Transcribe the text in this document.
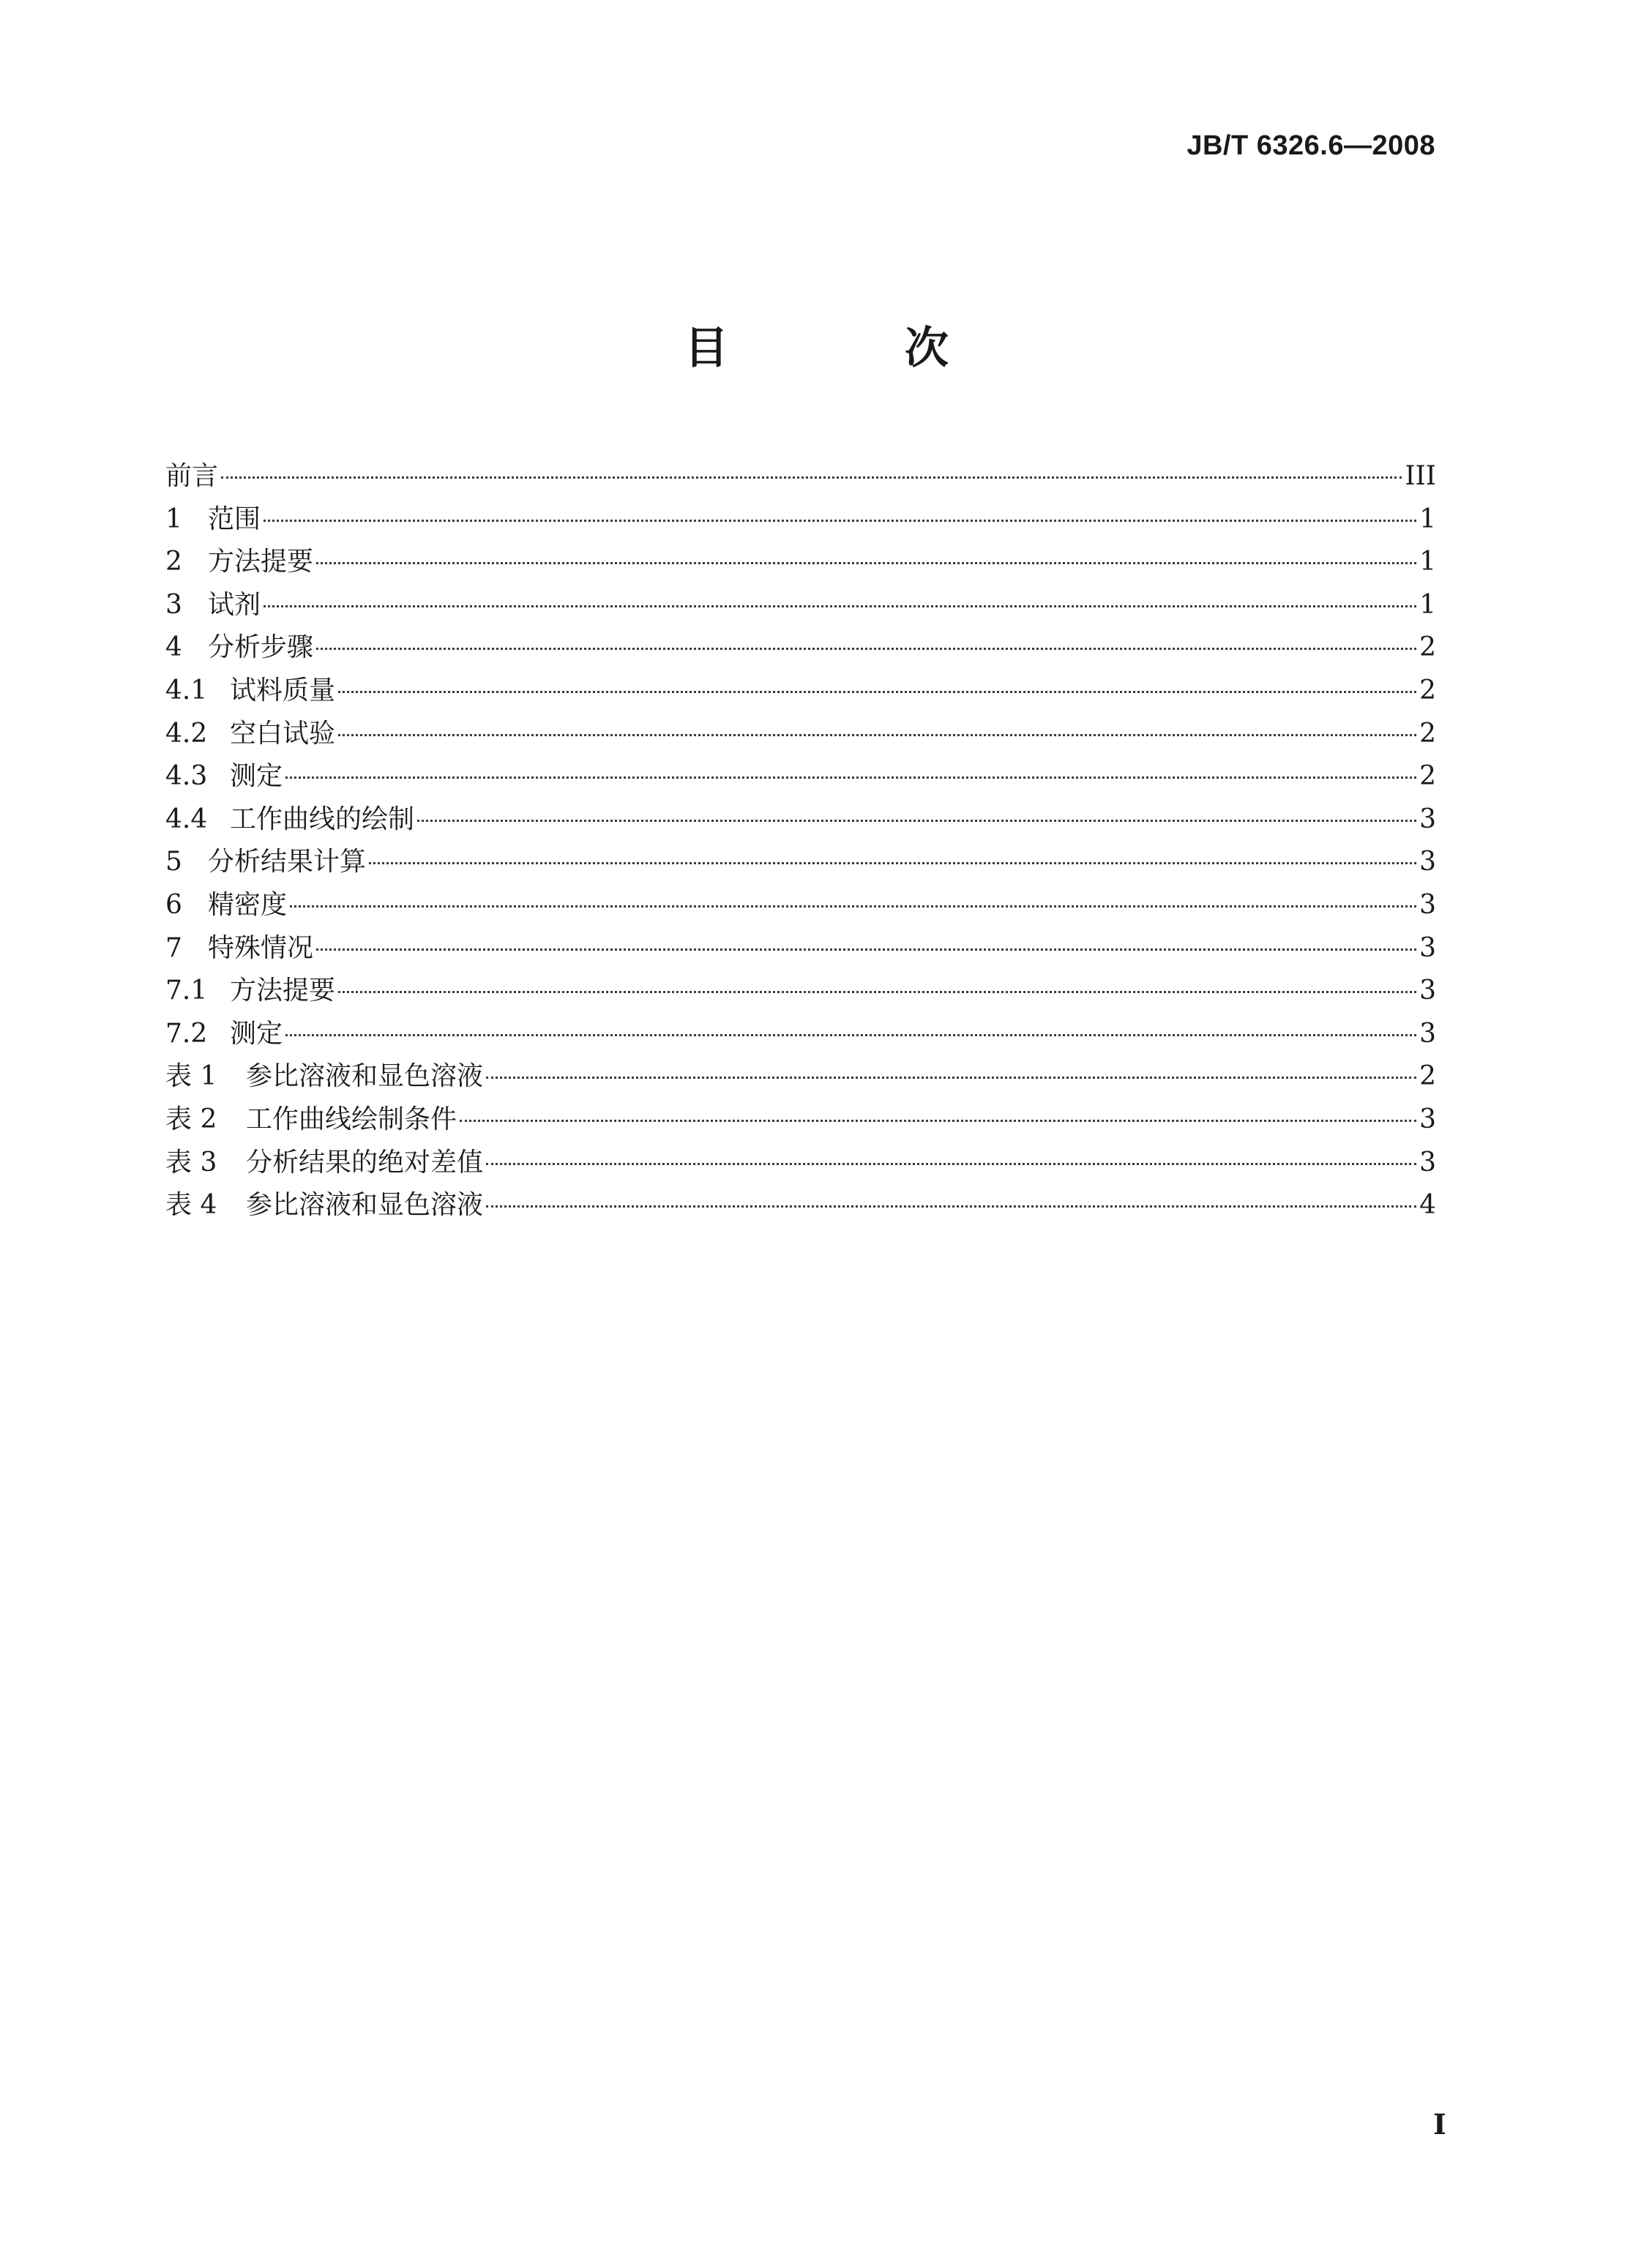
JB/T 6326.6—2008
目 次
前言	III
1 范围	1
2 方法提要	1
3 试剂	1
4 分析步骤	2
4.1 试料质量	2
4.2 空白试验	2
4.3 测定	2
4.4 工作曲线的绘制	3
5 分析结果计算	3
6 精密度	3
7 特殊情况	3
7.1 方法提要	3
7.2 测定	3
表 1	参比溶液和显色溶液	2
表 2	工作曲线绘制条件	3
表 3	分析结果的绝对差值	3
表 4	参比溶液和显色溶液	4
I
